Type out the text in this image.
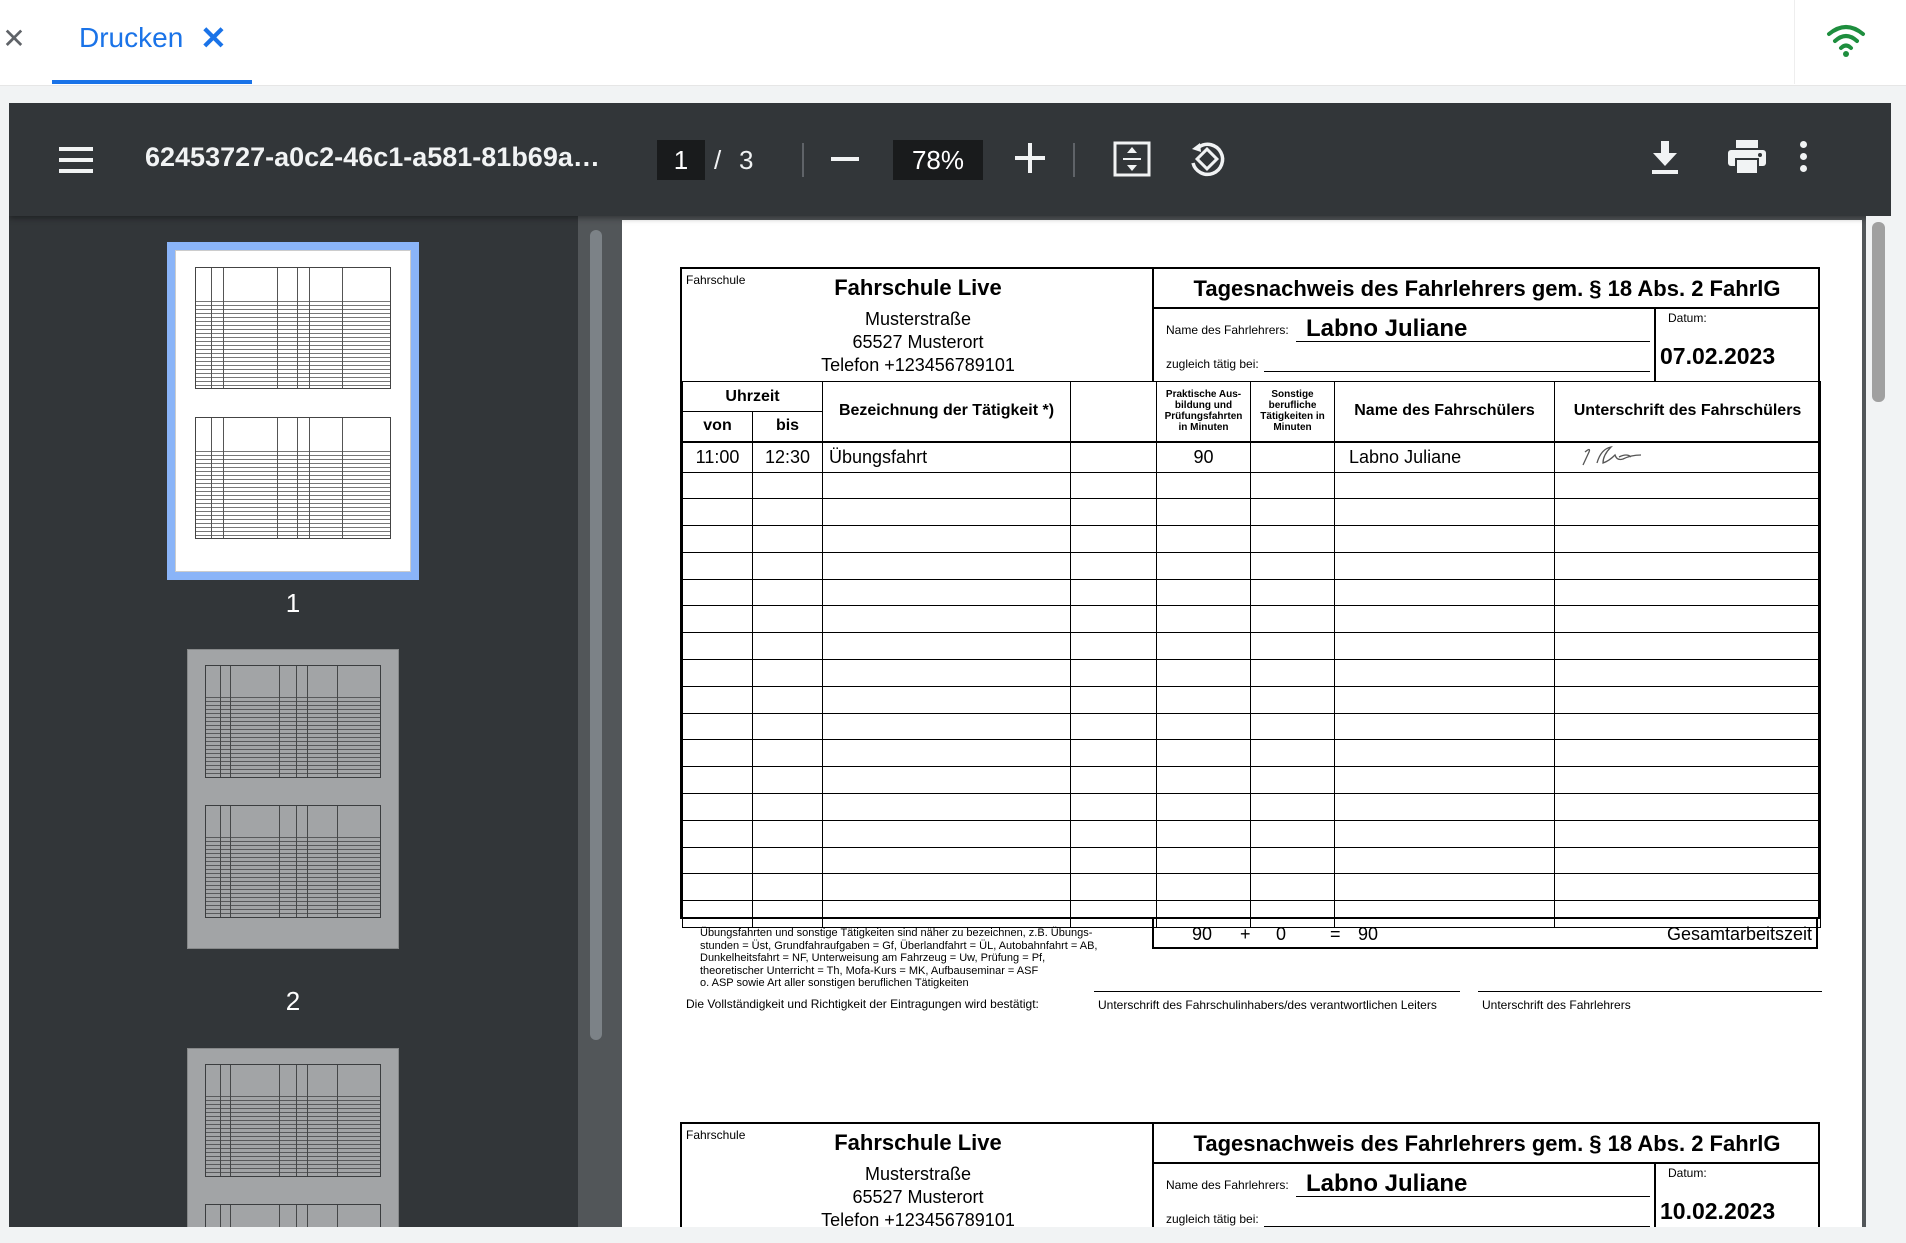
✕ Drucken ✕
62453727-a0c2-46c1-a581-81b69a…	1 / 3	78%
1
2
Fahrschule	Fahrschule Live
Musterstraße
65527 Musterort
Telefon +123456789101
Tagesnachweis des Fahrlehrers gem. § 18 Abs. 2 FahrlG
Name des Fahrlehrers: Labno Juliane
zugleich tätig bei:
Datum:
07.02.2023
Uhrzeit		Bezeichnung der Tätigkeit *)		Praktische Aus-bildung und Prüfungsfahrten in Minuten	Sonstige berufliche Tätigkeiten in Minuten	Name des Fahrschülers	Unterschrift des Fahrschülers
von	bis						
11:00	12:30	Übungsfahrt		90		Labno Juliane	

Übungsfahrten und sonstige Tätigkeiten sind näher zu bezeichnen, z.B. Übungs-
stunden = Üst, Grundfahraufgaben = Gf, Überlandfahrt = ÜL, Autobahnfahrt = AB,
Dunkelheitsfahrt = NF, Unterweisung am Fahrzeug = Uw, Prüfung = Pf,
theoretischer Unterricht = Th, Mofa-Kurs = MK, Aufbauseminar = ASF
o. ASP sowie Art aller sonstigen beruflichen Tätigkeiten
90 + 0 = 90	Gesamtarbeitszeit
Die Vollständigkeit und Richtigkeit der Eintragungen wird bestätigt:	Unterschrift des Fahrschulinhabers/des verantwortlichen Leiters	Unterschrift des Fahrlehrers
Fahrschule	Fahrschule Live
Musterstraße
65527 Musterort
Telefon +123456789101
Tagesnachweis des Fahrlehrers gem. § 18 Abs. 2 FahrlG
Name des Fahrlehrers: Labno Juliane
zugleich tätig bei:
Datum:
10.02.2023
